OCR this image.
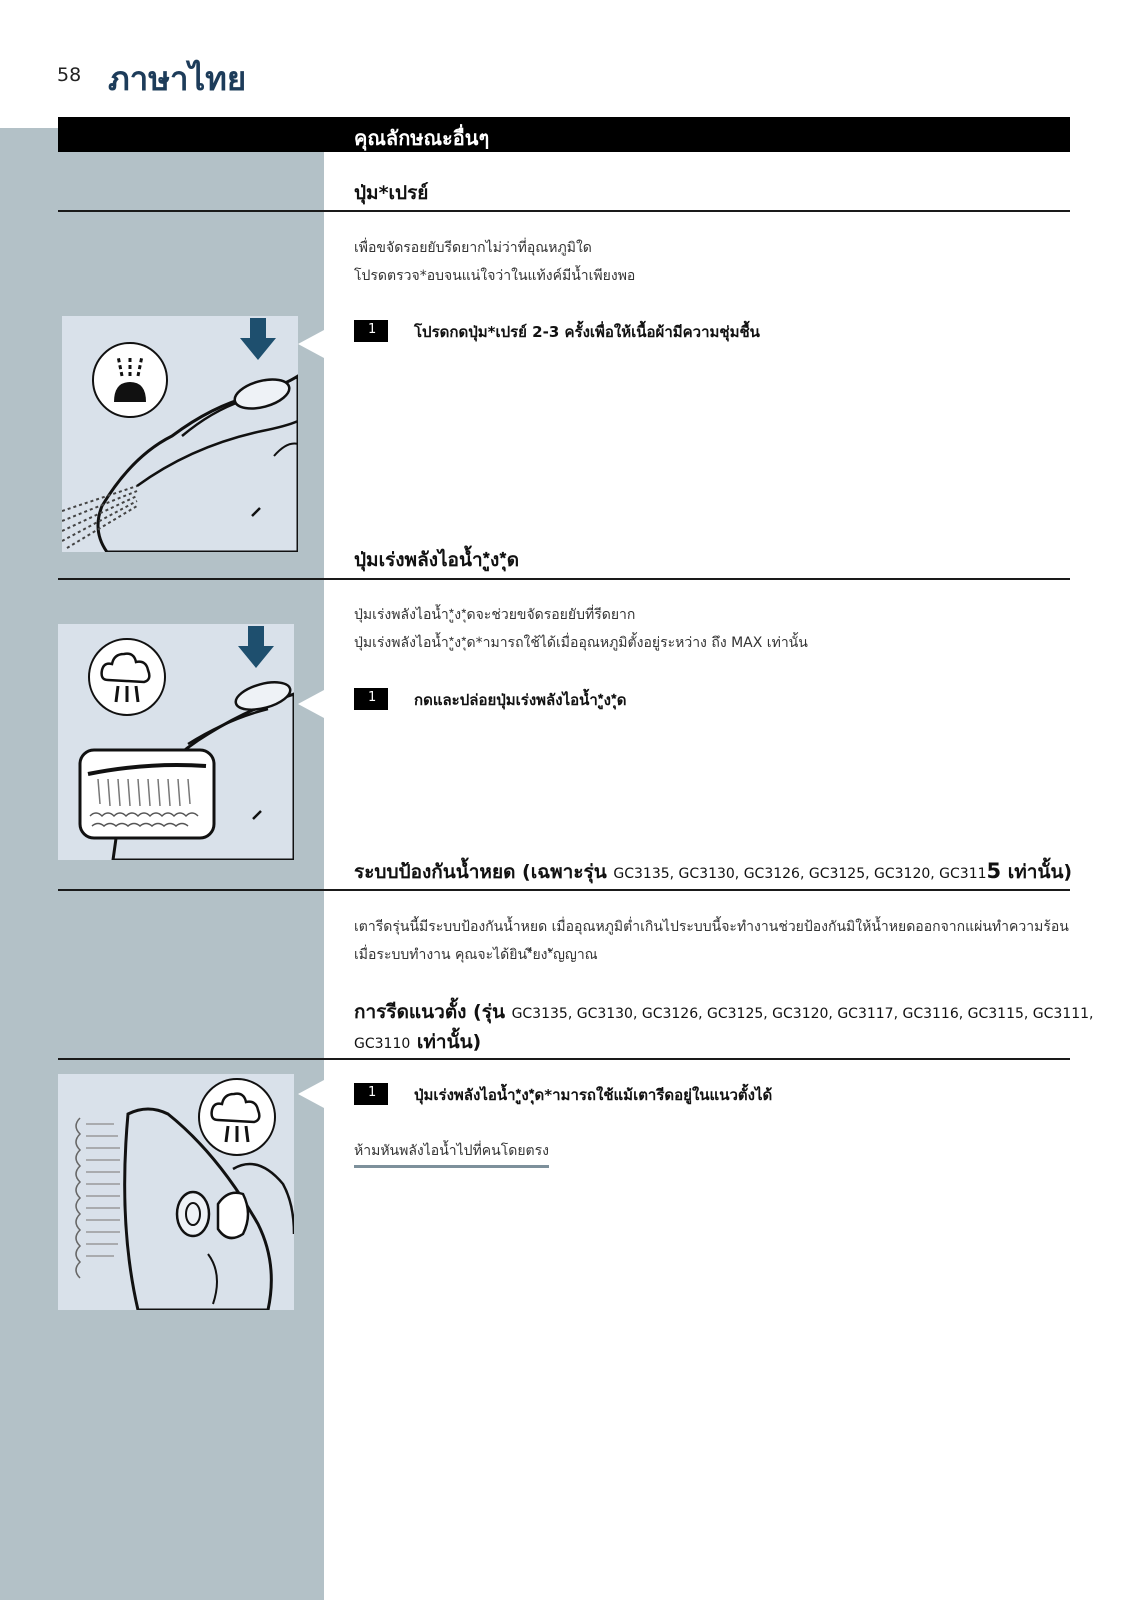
58 ภาษาไทย
คุณลักษณะอื่นๆ
ปุ่ม*เปรย์
เพื่อขจัดรอยยับรีดยากไม่ว่าที่อุณหภูมิใด
โปรดตรวจ*อบจนแน่ใจว่าในแท้งค์มีน้ำเพียงพอ
1	โปรดกดปุ่ม*เปรย์ 2-3 ครั้งเพื่อให้เนื้อผ้ามีความชุ่มชื้น
ปุ่มเร่งพลังไอน้ำ*ูง*ุด
ปุ่มเร่งพลังไอน้ำ*ูง*ุดจะช่วยขจัดรอยยับที่รีดยาก
ปุ่มเร่งพลังไอน้ำ*ูง*ุด*ามารถใช้ได้เมื่ออุณหภูมิตั้งอยู่ระหว่าง ถึง MAX เท่านั้น
1	กดและปล่อยปุ่มเร่งพลังไอน้ำ*ูง*ุด
ระบบป้องกันน้ำหยด (เฉพาะรุ่น GC3135, GC3130, GC3126, GC3125, GC3120, GC3115 เท่านั้น)
เตารีดรุ่นนี้มีระบบป้องกันน้ำหยด เมื่ออุณหภูมิต่ำเกินไประบบนี้จะทำงานช่วยป้องกันมิให้น้ำหยดออกจากแผ่นทำความร้อน
เมื่อระบบทำงาน คุณจะได้ยิน*ียง*ัญญาณ
การรีดแนวตั้ง (รุ่น GC3135, GC3130, GC3126, GC3125, GC3120, GC3117, GC3116, GC3115, GC3111,
GC3110 เท่านั้น)
1	ปุ่มเร่งพลังไอน้ำ*ูง*ุด*ามารถใช้แม้เตารีดอยู่ในแนวตั้งได้
ห้ามหันพลังไอน้ำไปที่คนโดยตรง
